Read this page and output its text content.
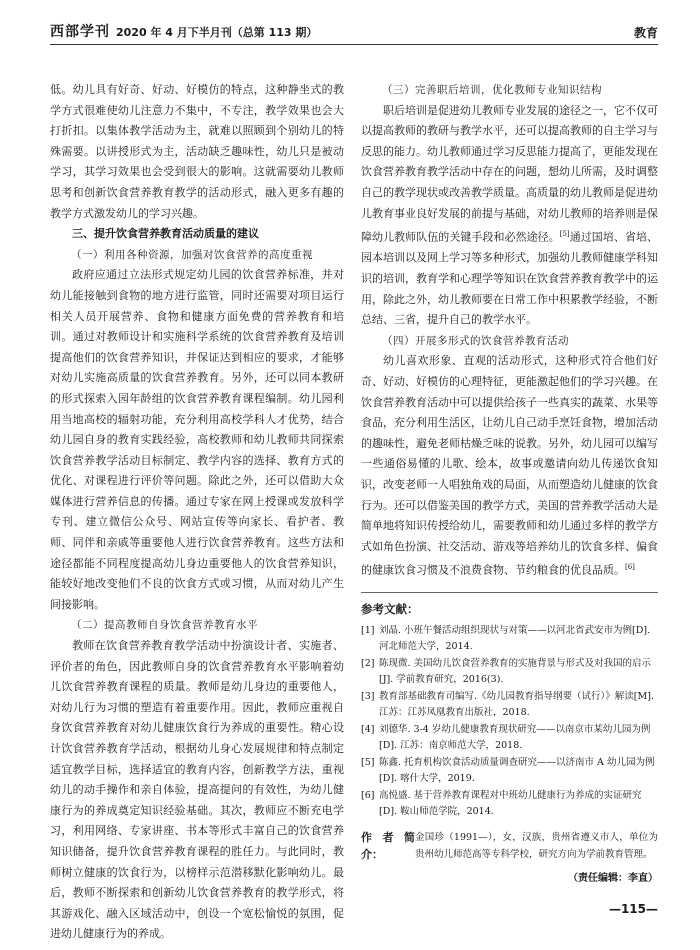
西部学刊 2020 年 4 月下半月刊（总第 113 期）	教育

低。幼儿具有好奇、好动、好模仿的特点，这种静坐式的教学方式很难使幼儿注意力不集中，不专注，教学效果也会大打折扣。以集体教学活动为主，就难以照顾到个别幼儿的特殊需要。以讲授形式为主，活动缺乏趣味性，幼儿只是被动学习，其学习效果也会受到很大的影响。这就需要幼儿教师思考和创新饮食营养教育教学的活动形式，融入更多有趣的教学方式激发幼儿的学习兴趣。

三、提升饮食营养教育活动质量的建议

（一）利用各种资源，加强对饮食营养的高度重视

政府应通过立法形式规定幼儿园的饮食营养标准，并对幼儿能接触到食物的地方进行监管，同时还需要对项目运行相关人员开展营养、食物和健康方面免费的营养教育和培训。通过对教师设计和实施科学系统的饮食营养教育及培训提高他们的饮食营养知识，并保证达到相应的要求，才能够对幼儿实施高质量的饮食营养教育。另外，还可以同本教研的形式探索入园年龄组的饮食营养教育课程编制。幼儿园利用当地高校的辐射功能，充分利用高校学科人才优势，结合幼儿园自身的教育实践经验，高校教师和幼儿教师共同探索饮食营养教学活动目标制定、教学内容的选择、教育方式的优化、对课程进行评价等问题。除此之外，还可以借助大众媒体进行营养信息的传播。通过专家在网上授课或发放科学专刊、建立微信公众号、网站宣传等向家长、看护者、教师、同伴和亲戚等重要他人进行饮食营养教育。这些方法和途径都能不同程度提高幼儿身边重要他人的饮食营养知识，能较好地改变他们不良的饮食方式或习惯，从而对幼儿产生间接影响。

（二）提高教师自身饮食营养教育水平

教师在饮食营养教育教学活动中扮演设计者、实施者、评价者的角色，因此教师自身的饮食营养教育水平影响着幼儿饮食营养教育课程的质量。教师是幼儿身边的重要他人，对幼儿行为习惯的塑造有着重要作用。因此，教师应重视自身饮食营养教育对幼儿健康饮食行为养成的重要性。精心设计饮食营养教育学活动，根据幼儿身心发展规律和特点制定适宜教学目标，选择适宜的教育内容，创新教学方法，重视幼儿的动手操作和亲自体验，提高提问的有效性，为幼儿健康行为的养成奠定知识经验基础。其次，教师应不断充电学习，利用网络、专家讲座、书本等形式丰富自己的饮食营养知识储备，提升饮食营养教育课程的胜任力。与此同时，教师树立健康的饮食行为，以榜样示范潜移默化影响幼儿。最后，教师不断探索和创新幼儿饮食营养教育的教学形式，将其游戏化、融入区域活动中，创设一个宽松愉悦的氛围，促进幼儿健康行为的养成。

（三）完善职后培训，优化教师专业知识结构

职后培训是促进幼儿教师专业发展的途径之一，它不仅可以提高教师的教研与教学水平，还可以提高教师的自主学习与反思的能力。幼儿教师通过学习反思能力提高了，更能发现在饮食营养教育教学活动中存在的问题，想幼儿所需，及时调整自己的教学现状或改善教学质量。高质量的幼儿教师是促进幼儿教育事业良好发展的前提与基础，对幼儿教师的培养则是保障幼儿教师队伍的关键手段和必然途径。[5]通过国培、省培、园本培训以及网上学习等多种形式，加强幼儿教师健康学科知识的培训，教育学和心理学等知识在饮食营养教育教学中的运用，除此之外，幼儿教师要在日常工作中积累教学经验，不断总结、三省，提升自己的教学水平。

（四）开展多形式的饮食营养教育活动

幼儿喜欢形象、直观的活动形式，这种形式符合他们好奇、好动、好模仿的心理特征，更能激起他们的学习兴趣。在饮食营养教育活动中可以提供给孩子一些真实的蔬菜、水果等食品，充分利用生活区，让幼儿自己动手烹饪食物，增加活动的趣味性，避免老师枯燥乏味的说教。另外，幼儿园可以编写一些通俗易懂的儿歌、绘本，故事或邀请向幼儿传递饮食知识，改变老师一人唱独角戏的局面，从而塑造幼儿健康的饮食行为。还可以借鉴美国的教学方式，美国的营养教学活动大是简单地将知识传授给幼儿，需要教师和幼儿通过多样的教学方式如角色扮演、社交活动、游戏等培养幼儿的饮食多样、偏食的健康饮食习惯及不浪费食物、节约粮食的优良品质。[6]

参考文献：
[1] 刘晶. 小班午餐活动组织现状与对策——以河北省武安市为例[D]. 河北师范大学，2014.
[2] 陈现微. 美国幼儿饮食营养教育的实施背景与形式及对我国的启示[J]. 学前教育研究，2016(3).
[3] 教育部基础教育司编写.《幼儿园教育指导纲要（试行）》解读[M]. 江苏：江苏凤凰教育出版社，2018.
[4] 刘德华. 3-4 岁幼儿健康教育现状研究——以南京市某幼儿园为例[D]. 江苏：南京师范大学，2018.
[5] 陈鑫. 托育机构饮食活动质量调查研究——以济南市 A 幼儿园为例[D]. 喀什大学，2019.
[6] 高悦盛. 基于营养教育课程对中班幼儿健康行为养成的实证研究[D]. 鞍山师范学院，2014.
作者简介：
金国珍（1991—），女，汉族，贵州省遵义市人，单位为贵州幼儿师范高等专科学校，研究方向为学前教育管理。
（责任编辑：李直）
—115—
